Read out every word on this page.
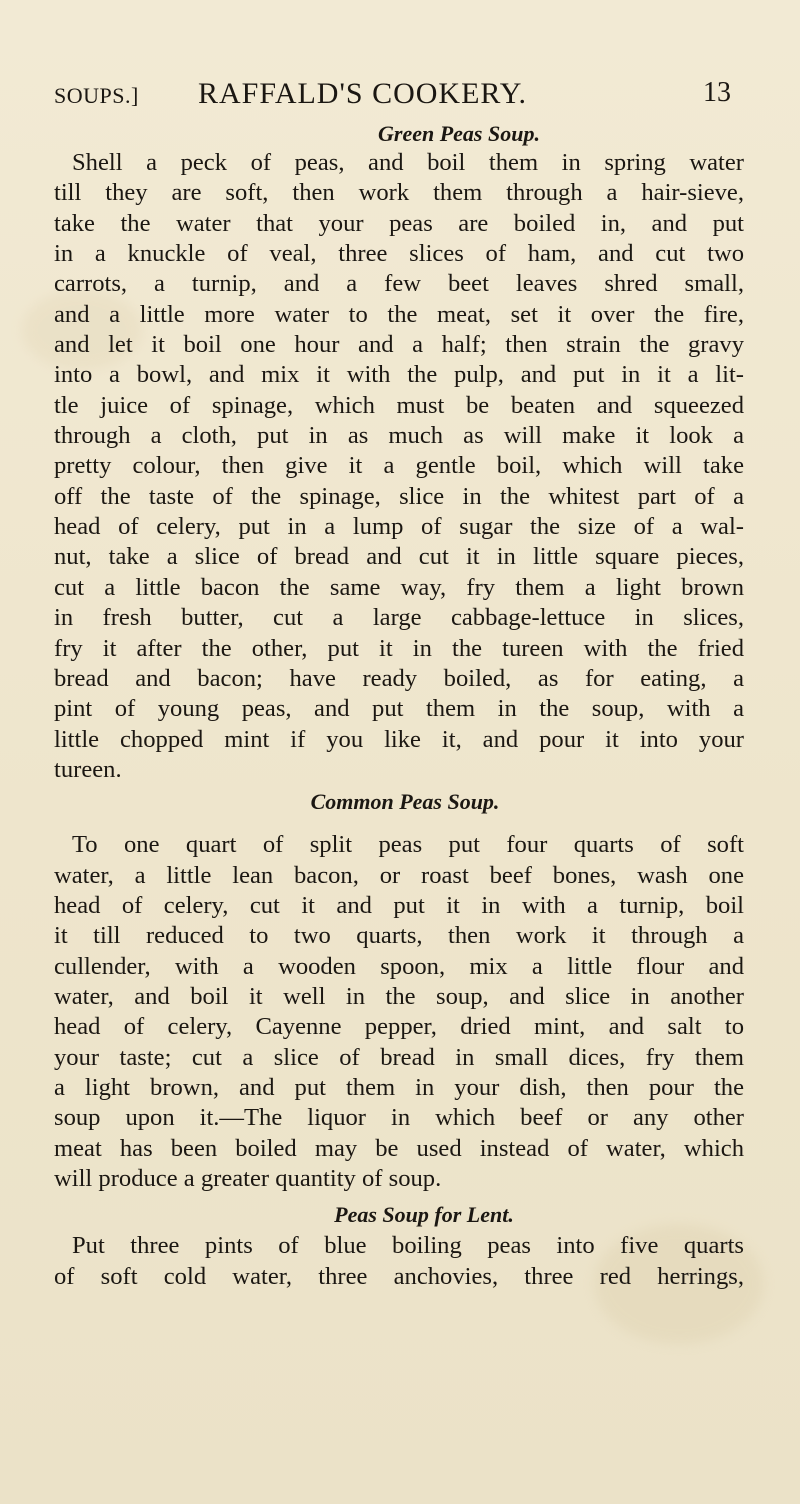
SOUPS.] RAFFALD'S COOKERY.	13
Green Peas Soup.
Shell a peck of peas, and boil them in spring water
till they are soft, then work them through a hair-sieve,
take the water that your peas are boiled in, and put
in a knuckle of veal, three slices of ham, and cut two
carrots, a turnip, and a few beet leaves shred small,
and a little more water to the meat, set it over the fire,
and let it boil one hour and a half; then strain the gravy
into a bowl, and mix it with the pulp, and put in it a lit-
tle juice of spinage, which must be beaten and squeezed
through a cloth, put in as much as will make it look a
pretty colour, then give it a gentle boil, which will take
off the taste of the spinage, slice in the whitest part of a
head of celery, put in a lump of sugar the size of a wal-
nut, take a slice of bread and cut it in little square pieces,
cut a little bacon the same way, fry them a light brown
in fresh butter, cut a large cabbage-lettuce in slices,
fry it after the other, put it in the tureen with the fried
bread and bacon; have ready boiled, as for eating, a
pint of young peas, and put them in the soup, with a
little chopped mint if you like it, and pour it into your
tureen.
Common Peas Soup.
To one quart of split peas put four quarts of soft
water, a little lean bacon, or roast beef bones, wash one
head of celery, cut it and put it in with a turnip, boil
it till reduced to two quarts, then work it through a
cullender, with a wooden spoon, mix a little flour and
water, and boil it well in the soup, and slice in another
head of celery, Cayenne pepper, dried mint, and salt to
your taste; cut a slice of bread in small dices, fry them
a light brown, and put them in your dish, then pour the
soup upon it.—The liquor in which beef or any other
meat has been boiled may be used instead of water, which
will produce a greater quantity of soup.
Peas Soup for Lent.
Put three pints of blue boiling peas into five quarts
of soft cold water, three anchovies, three red herrings,
